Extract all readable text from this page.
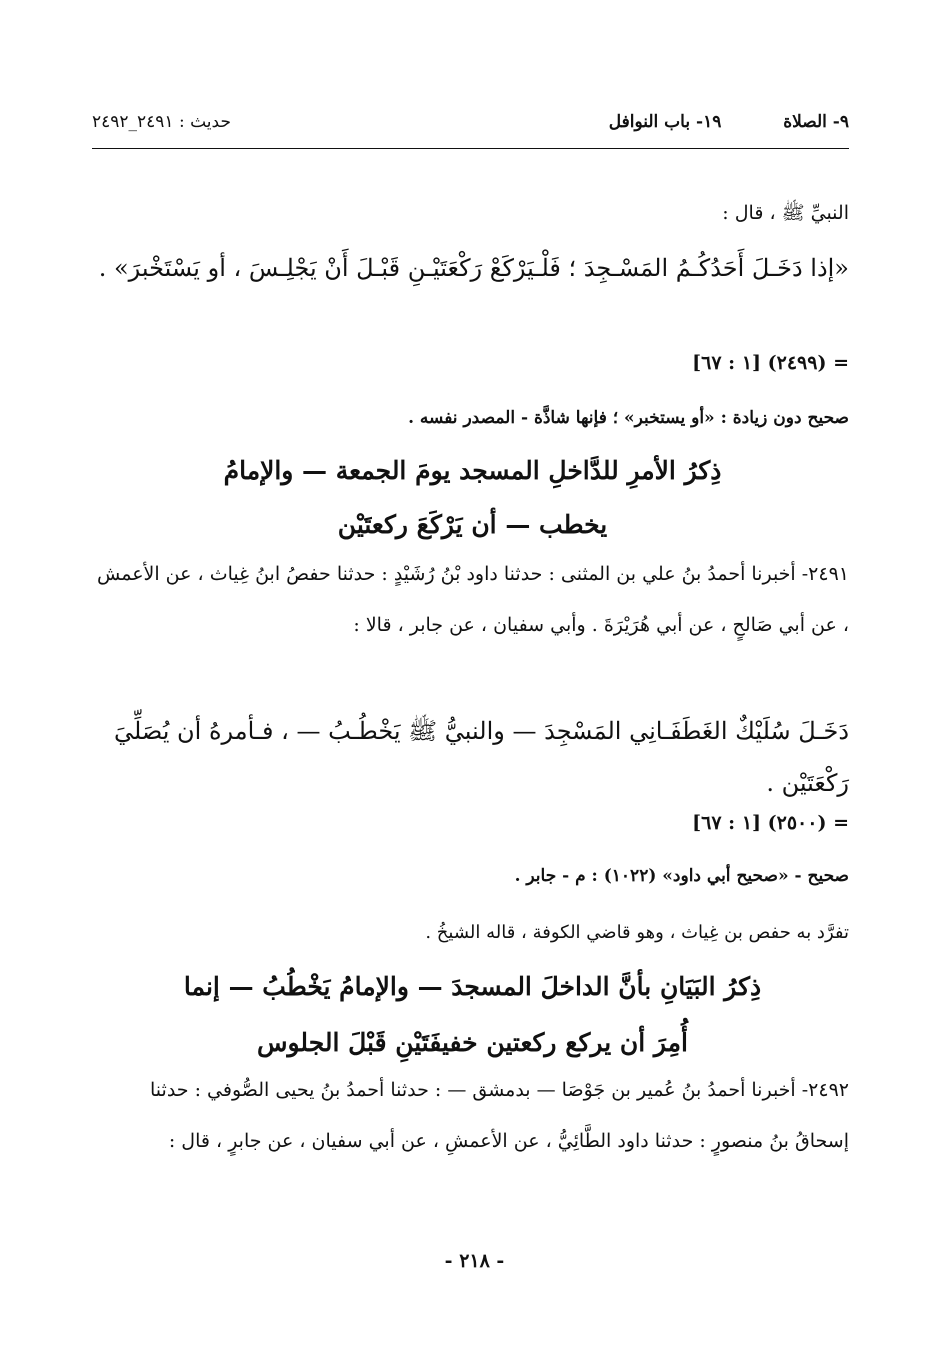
٩- الصلاة  ١٩- باب النوافل
حديث : ٢٤٩١_٢٤٩٢
النبيِّ ﷺ ، قال :
«إذا دَخَـلَ أَحَدُكُـمُ المَسْـجِدَ ؛ فَلْـيَرْكَعْ رَكْعَتَيْـنِ قَبْـلَ أَنْ يَجْلِـسَ ، أو يَسْتَخْبرَ» .
= (٢٤٩٩) [١ : ٦٧]
صحيح دون زيادة : «أو يستخبر» ؛ فإنها شاذَّة - المصدر نفسه .
ذِكرُ الأمرِ للدَّاخلِ المسجد يومَ الجمعة — والإمامُ
يخطب — أن يَرْكَعَ ركعتَيْن
٢٤٩١- أخبرنا أحمدُ بنُ علي بن المثنى : حدثنا داود بْنُ رُشَيْدٍ : حدثنا حفصُ ابنُ غِياث ، عن الأعمش ، عن أبي صَالحٍ ، عن أبي هُرَيْرَةَ . وأبي سفيان ، عن جابر ، قالا :
دَخَـلَ سُلَيْكٌ الغَطَفَـانِي المَسْجِدَ — والنبيُّ ﷺ يَخْطُـبُ — ، فـأمرهُ أن يُصَلِّيَ رَكْعَتَيْن .
= (٢٥٠٠) [١ : ٦٧]
صحيح - «صحيح أبي داود» (١٠٢٢) : م - جابر .
تفرَّد به حفص بن غِياث ، وهو قاضي الكوفة ، قاله الشيخُ .
ذِكرُ البَيَانِ بأنَّ الداخلَ المسجدَ — والإمامُ يَخْطُبُ — إنما
أُمِرَ أن يركع ركعتين خفيفَتَيْنِ قَبْلَ الجلوس
٢٤٩٢- أخبرنا أحمدُ بنُ عُمير بن جَوْصَا — بدمشق — : حدثنا أحمدُ بنُ يحيى الصُّوفي : حدثنا إسحاقُ بنُ منصورٍ : حدثنا داود الطَّائِيُّ ، عن الأعمشِ ، عن أبي سفيان ، عن جابرٍ ، قال :
- ٢١٨ -
